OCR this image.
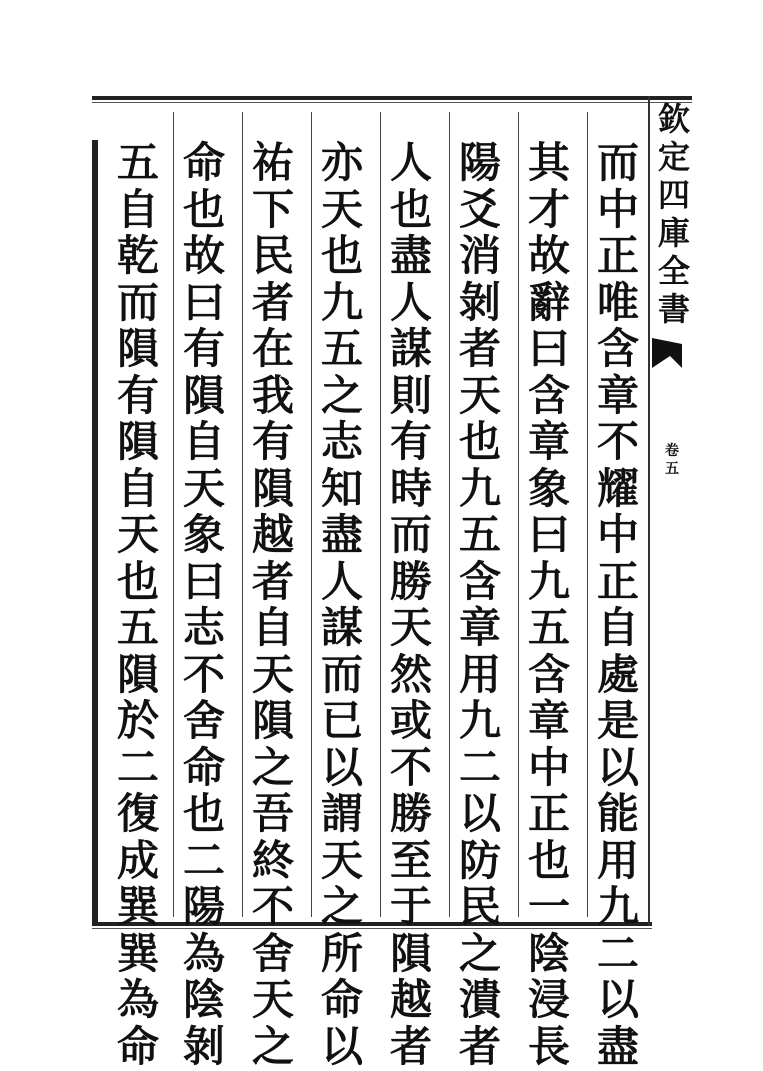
而
中
正
唯
含
章
不
耀
中
正
自
處
是
以
能
用
九
二
以
盡
其
才
故
辭
曰
含
章
象
曰
九
五
含
章
中
正
也
一
陰
浸
長
陽
爻
消
剝
者
天
也
九
五
含
章
用
九
二
以
防
民
之
潰
者
人
也
盡
人
謀
則
有
時
而
勝
天
然
或
不
勝
至
于
隕
越
者
亦
天
也
九
五
之
志
知
盡
人
謀
而
已
以
謂
天
之
所
命
以
祐
下
民
者
在
我
有
隕
越
者
自
天
隕
之
吾
終
不
舍
天
之
命
也
故
曰
有
隕
自
天
象
曰
志
不
舍
命
也
二
陽
為
陰
剝
五
自
乾
而
隕
有
隕
自
天
也
五
隕
於
二
復
成
巽
巽
為
命
欽
定
四
庫
全
書
卷
五
